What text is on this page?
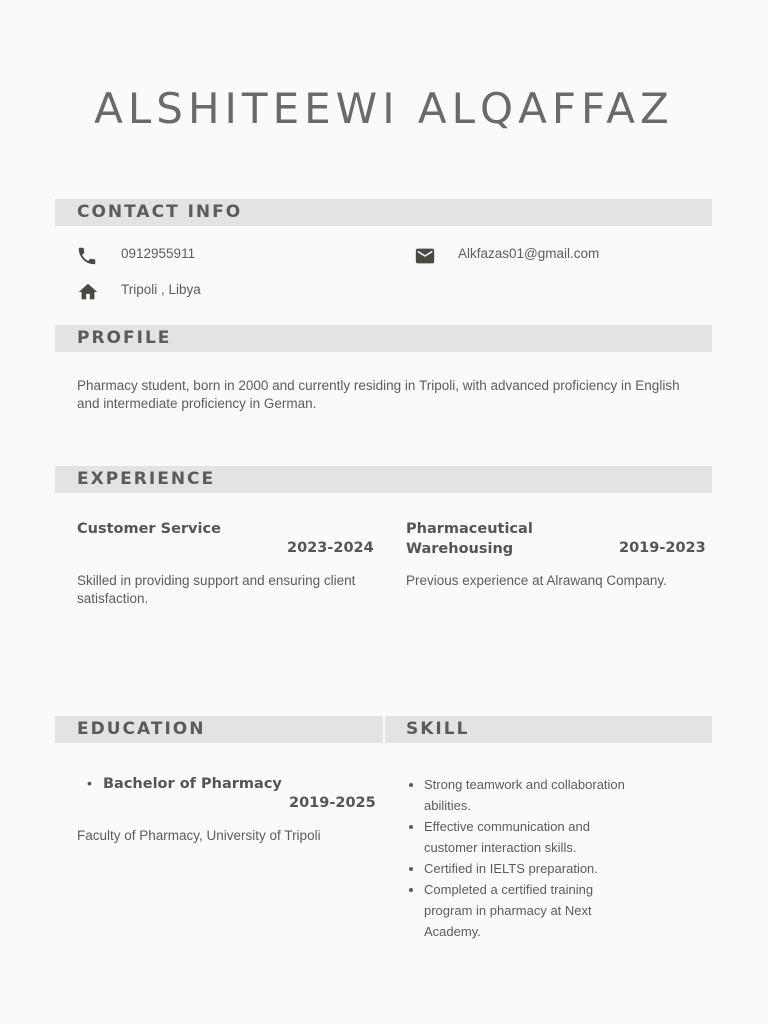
ALSHITEEWI ALQAFFAZ
CONTACT INFO
0912955911	Alkfazas01@gmail.com
Tripoli , Libya
PROFILE
Pharmacy student, born in 2000 and currently residing in Tripoli, with advanced proficiency in English and intermediate proficiency in German.
EXPERIENCE
Customer Service
2023-2024
Skilled in providing support and ensuring client satisfaction.
Pharmaceutical
Warehousing	2019-2023
Previous experience at Alrawanq Company.
EDUCATION
• Bachelor of Pharmacy
2019-2025
Faculty of Pharmacy, University of Tripoli
SKILL
• Strong teamwork and collaboration abilities.
• Effective communication and customer interaction skills.
• Certified in IELTS preparation.
• Completed a certified training program in pharmacy at Next Academy.
